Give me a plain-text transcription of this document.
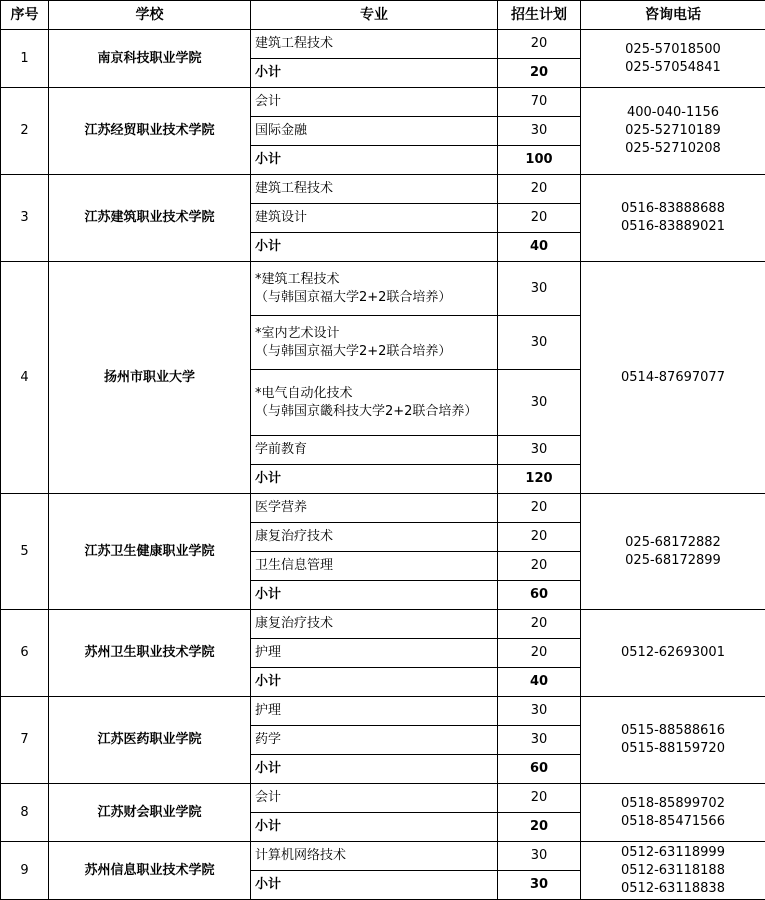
序号	学校	专业	招生计划	咨询电话
1	南京科技职业学院	建筑工程技术	20	025-57018500
025-57054841

		小计	20	
2	江苏经贸职业技术学院	会计	70	400-040-1156
025-52710189
025-52710208

		国际金融	30	
		小计	100	
3	江苏建筑职业技术学院	建筑工程技术	20	0516-83888688
0516-83889021

		建筑设计	20	
		小计	40	
4	扬州市职业大学	*建筑工程技术
（与韩国京福大学2+2联合培养）	30	0514-87697077

		*室内艺术设计
（与韩国京福大学2+2联合培养）	30	

		*电气自动化技术
（与韩国京畿科技大学2+2联合培养）	30	

		学前教育	30	
		小计	120	
5	江苏卫生健康职业学院	医学营养	20	025-68172882
025-68172899

		康复治疗技术	20	

		卫生信息管理	20	
		小计	60	
6	苏州卫生职业技术学院	康复治疗技术	20	0512-62693001

		护理	20	
		小计	40	
7	江苏医药职业学院	护理	30	0515-88588616
0515-88159720

		药学	30	
		小计	60	
8	江苏财会职业学院	会计	20	0518-85899702
0518-85471566

		小计	20	
9	苏州信息职业技术学院	计算机网络技术	30	0512-63118999
0512-63118188
0512-63118838

		小计	30	
